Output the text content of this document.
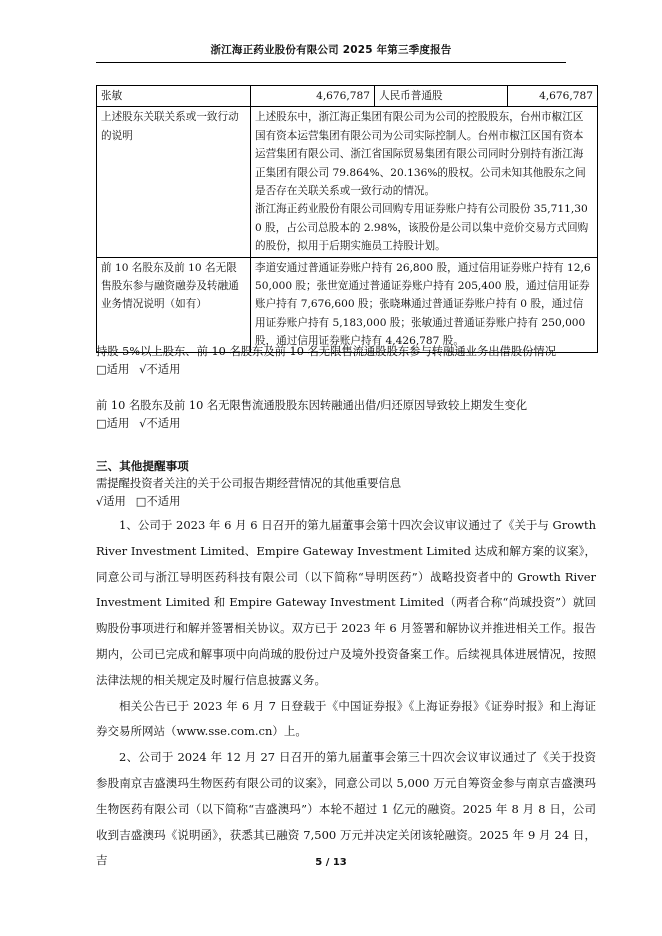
浙江海正药业股份有限公司 2025 年第三季度报告
张敏	4,676,787	人民币普通股	4,676,787
上述股东关联关系或一致行动的说明	上述股东中，浙江海正集团有限公司为公司的控股股东，台州市椒江区国有资本运营集团有限公司为公司实际控制人。台州市椒江区国有资本运营集团有限公司、浙江省国际贸易集团有限公司同时分别持有浙江海正集团有限公司 79.864%、20.136%的股权。公司未知其他股东之间是否存在关联关系或一致行动的情况。
浙江海正药业股份有限公司回购专用证券账户持有公司股份 35,711,300 股，占公司总股本的 2.98%，该股份是公司以集中竞价交易方式回购的股份，拟用于后期实施员工持股计划。		

前 10 名股东及前 10 名无限售股东参与融资融券及转融通业务情况说明（如有）	李道安通过普通证券账户持有 26,800 股，通过信用证券账户持有 12,650,000 股；张世宽通过普通证券账户持有 205,400 股，通过信用证券账户持有 7,676,600 股；张晓琳通过普通证券账户持有 0 股，通过信用证券账户持有 5,183,000 股；张敏通过普通证券账户持有 250,000 股，通过信用证券账户持有 4,426,787 股。		

持股 5%以上股东、前 10 名股东及前 10 名无限售流通股股东参与转融通业务出借股份情况

□适用 √不适用

前 10 名股东及前 10 名无限售流通股股东因转融通出借/归还原因导致较上期发生变化

□适用 √不适用

三、其他提醒事项

需提醒投资者关注的关于公司报告期经营情况的其他重要信息

√适用 □不适用

1、公司于 2023 年 6 月 6 日召开的第九届董事会第十四次会议审议通过了《关于与 Growth River Investment Limited、Empire Gateway Investment Limited 达成和解方案的议案》，同意公司与浙江导明医药科技有限公司（以下简称“导明医药”）战略投资者中的 Growth River Investment Limited 和 Empire Gateway Investment Limited（两者合称“尚珹投资”）就回购股份事项进行和解并签署相关协议。双方已于 2023 年 6 月签署和解协议并推进相关工作。报告期内，公司已完成和解事项中向尚珹的股份过户及境外投资备案工作。后续视具体进展情况，按照法律法规的相关规定及时履行信息披露义务。

相关公告已于 2023 年 6 月 7 日登载于《中国证券报》《上海证券报》《证券时报》和上海证券交易所网站（www.sse.com.cn）上。

2、公司于 2024 年 12 月 27 日召开的第九届董事会第三十四次会议审议通过了《关于投资参股南京吉盛澳玛生物医药有限公司的议案》，同意公司以 5,000 万元自筹资金参与南京吉盛澳玛生物医药有限公司（以下简称“吉盛澳玛”）本轮不超过 1 亿元的融资。2025 年 8 月 8 日，公司收到吉盛澳玛《说明函》，获悉其已融资 7,500 万元并决定关闭该轮融资。2025 年 9 月 24 日，吉	5 / 13
